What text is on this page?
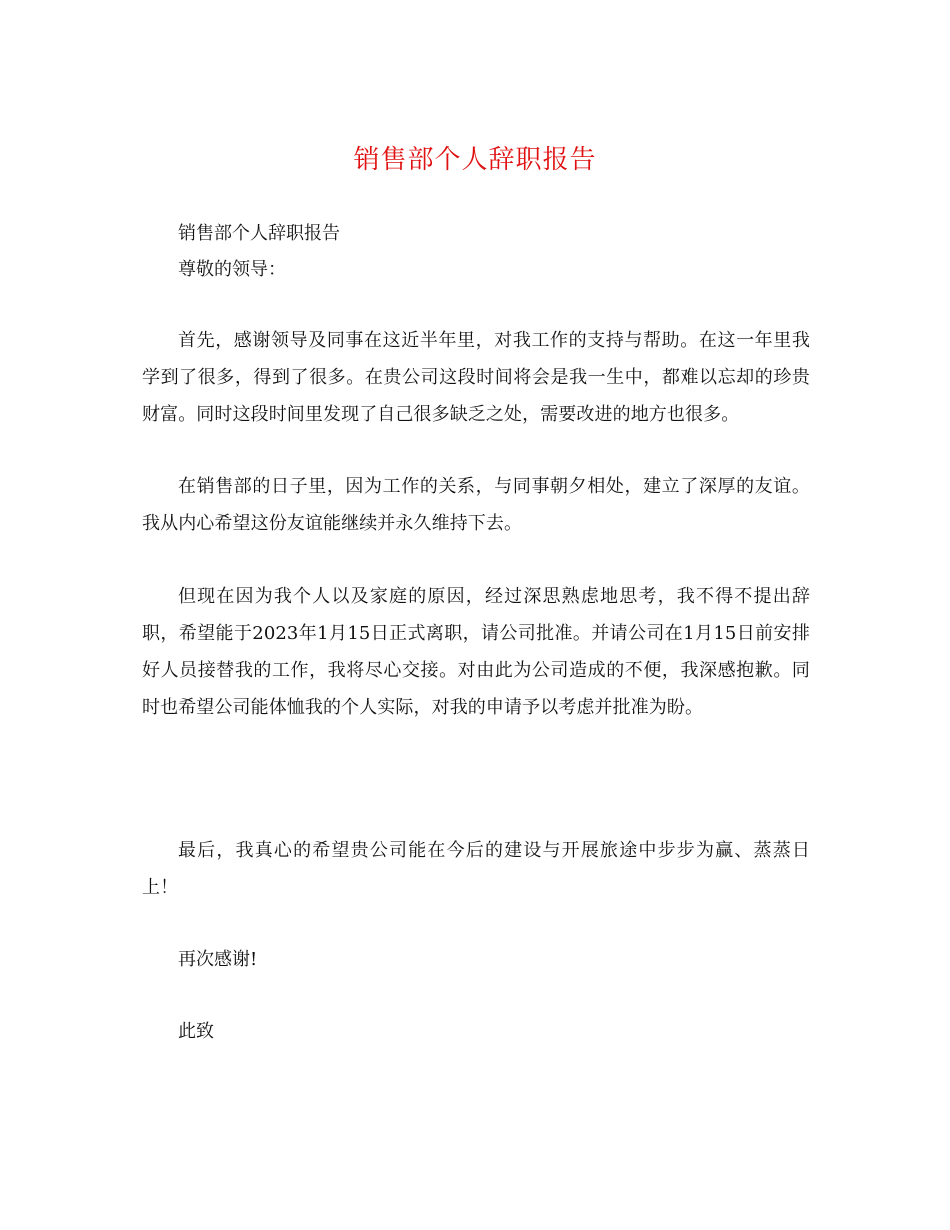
销售部个人辞职报告
销售部个人辞职报告
尊敬的领导：
首先，感谢领导及同事在这近半年里，对我工作的支持与帮助。在这一年里我学到了很多，得到了很多。在贵公司这段时间将会是我一生中，都难以忘却的珍贵财富。同时这段时间里发现了自己很多缺乏之处，需要改进的地方也很多。
在销售部的日子里，因为工作的关系，与同事朝夕相处，建立了深厚的友谊。我从内心希望这份友谊能继续并永久维持下去。
但现在因为我个人以及家庭的原因，经过深思熟虑地思考，我不得不提出辞职，希望能于2023年1月15日正式离职，请公司批准。并请公司在1月15日前安排好人员接替我的工作，我将尽心交接。对由此为公司造成的不便，我深感抱歉。同时也希望公司能体恤我的个人实际，对我的申请予以考虑并批准为盼。
最后，我真心的希望贵公司能在今后的建设与开展旅途中步步为赢、蒸蒸日上！
再次感谢!
此致
